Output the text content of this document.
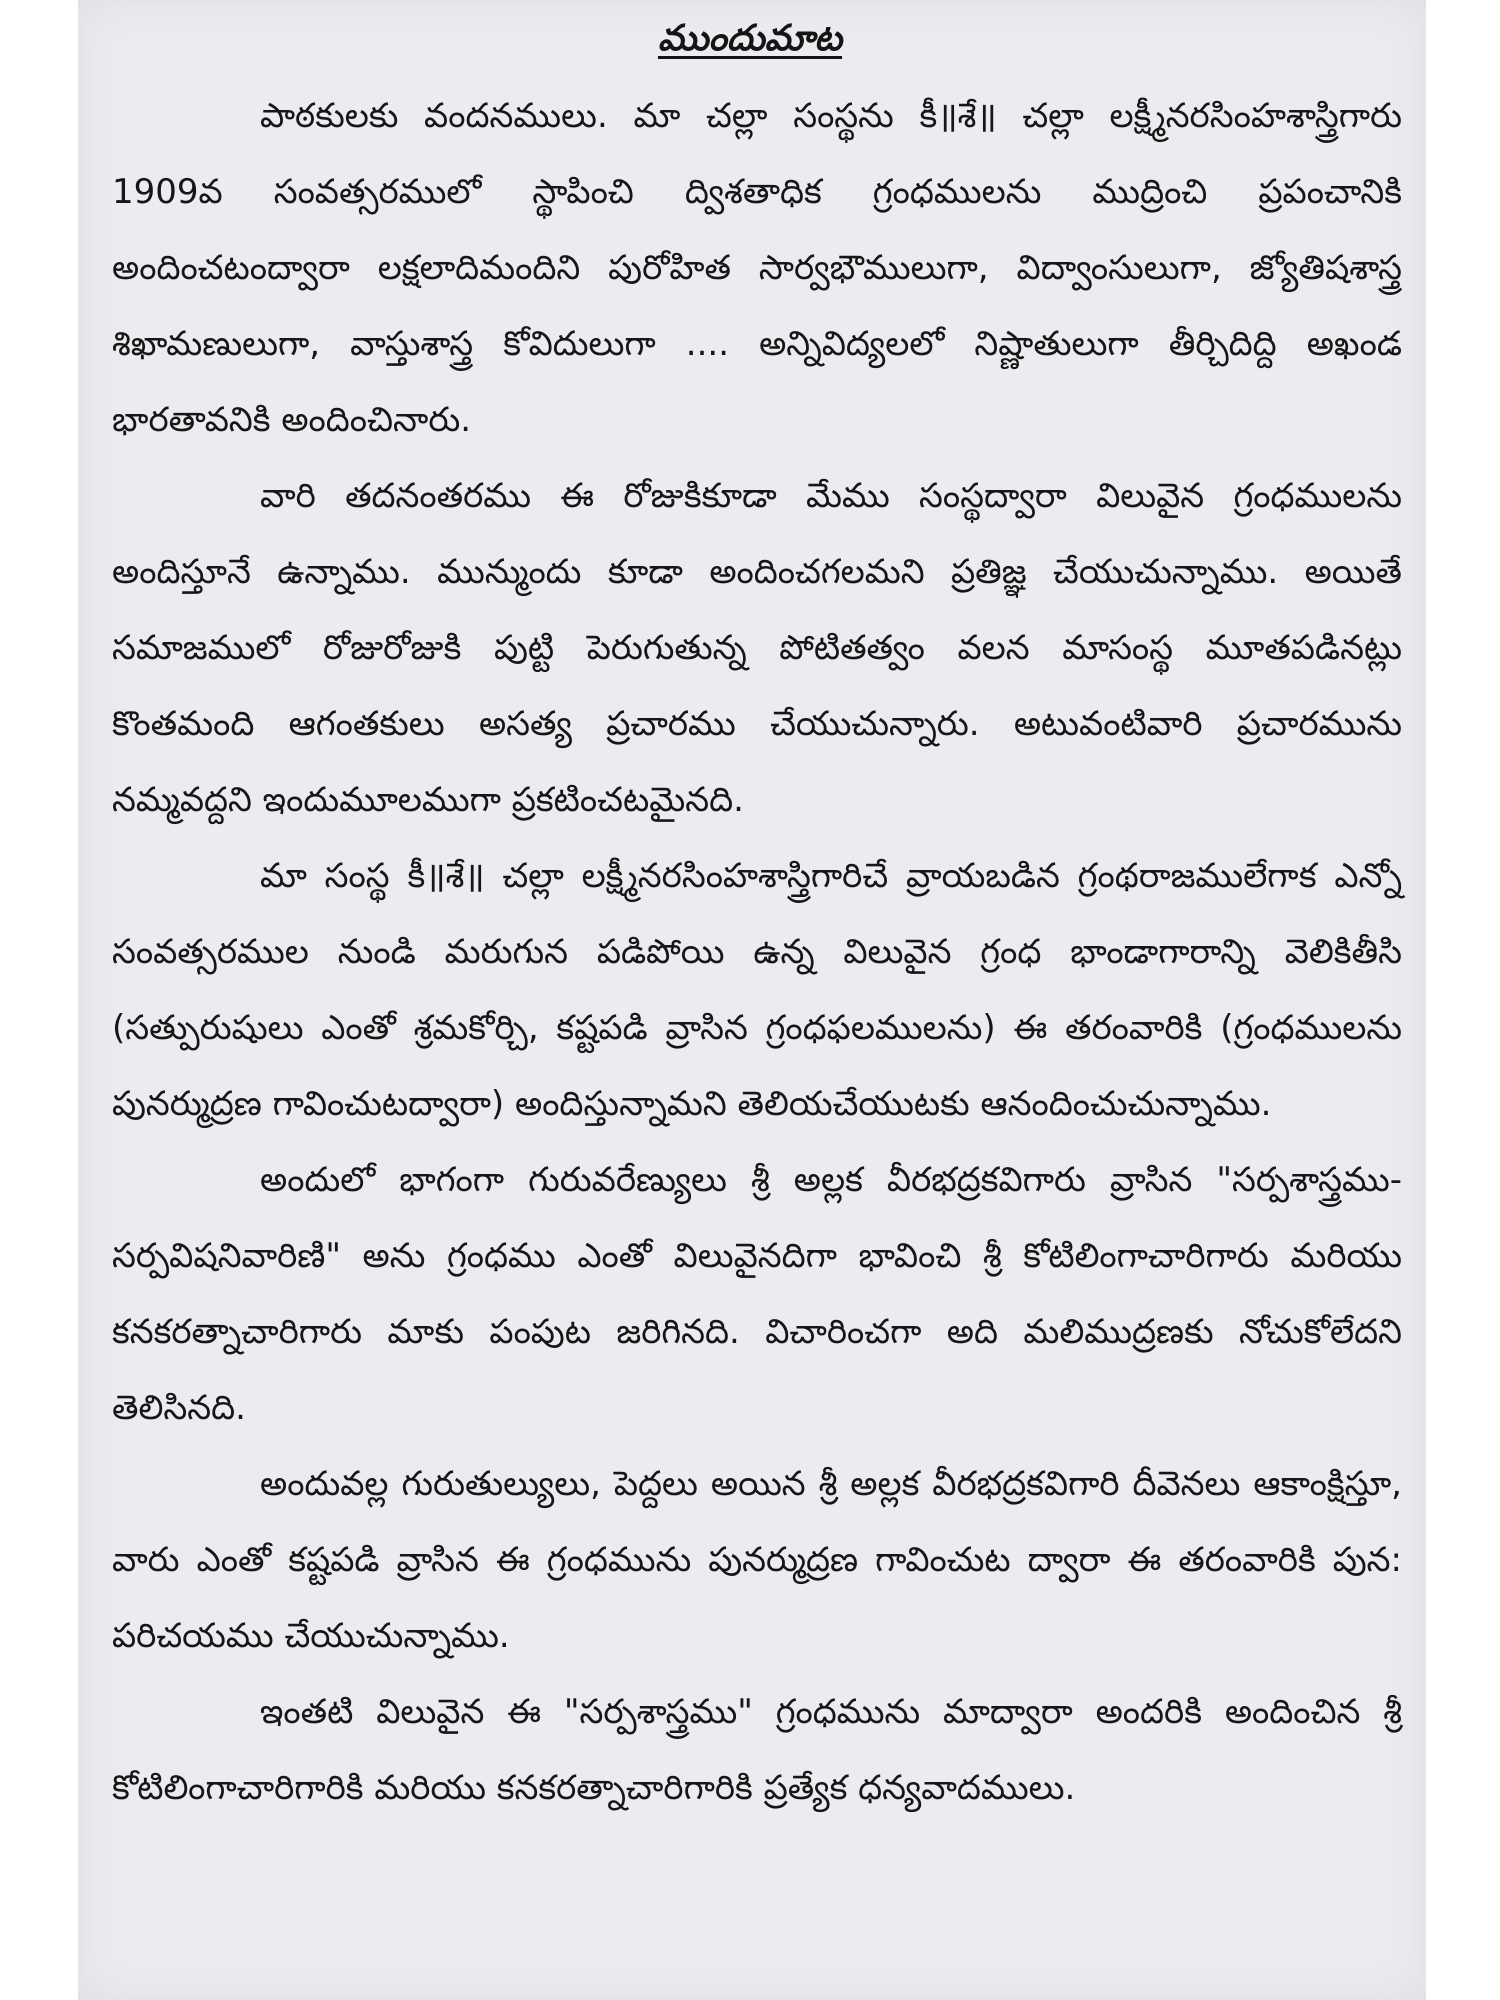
ముందుమాట

పాఠకులకు వందనములు. మా చల్లా సంస్థను కీ॥శే॥ చల్లా లక్ష్మీనరసింహశాస్త్రిగారు 1909వ సంవత్సరములో స్థాపించి ద్విశతాధిక గ్రంధములను ముద్రించి ప్రపంచానికి అందించటంద్వారా లక్షలాదిమందిని పురోహిత సార్వభౌములుగా, విద్వాంసులుగా, జ్యోతిషశాస్త్ర శిఖామణులుగా, వాస్తుశాస్త్ర కోవిదులుగా .... అన్నివిద్యలలో నిష్ణాతులుగా తీర్చిదిద్ది అఖండ భారతావనికి అందించినారు.

వారి తదనంతరము ఈ రోజుకికూడా మేము సంస్థద్వారా విలువైన గ్రంధములను అందిస్తూనే ఉన్నాము. మున్ముందు కూడా అందించగలమని ప్రతిజ్ఞ చేయుచున్నాము. అయితే సమాజములో రోజురోజుకి పుట్టి పెరుగుతున్న పోటితత్వం వలన మాసంస్థ మూతపడినట్లు కొంతమంది ఆగంతకులు అసత్య ప్రచారము చేయుచున్నారు. అటువంటివారి ప్రచారమును నమ్మవద్దని ఇందుమూలముగా ప్రకటించటమైనది.

మా సంస్థ కీ॥శే॥ చల్లా లక్ష్మీనరసింహశాస్త్రిగారిచే వ్రాయబడిన గ్రంథరాజములేగాక ఎన్నో సంవత్సరముల నుండి మరుగున పడిపోయి ఉన్న విలువైన గ్రంధ భాండాగారాన్ని వెలికితీసి (సత్పురుషులు ఎంతో శ్రమకోర్చి, కష్టపడి వ్రాసిన గ్రంధఫలములను) ఈ తరంవారికి (గ్రంధములను పునర్ముద్రణ గావించుటద్వారా) అందిస్తున్నామని తెలియచేయుటకు ఆనందించుచున్నాము.

అందులో భాగంగా గురువరేణ్యులు శ్రీ అల్లక వీరభద్రకవిగారు వ్రాసిన "సర్పశాస్త్రము-సర్పవిషనివారిణి" అను గ్రంధము ఎంతో విలువైనదిగా భావించి శ్రీ కోటిలింగాచారిగారు మరియు కనకరత్నాచారిగారు మాకు పంపుట జరిగినది. విచారించగా అది మలిముద్రణకు నోచుకోలేదని తెలిసినది.

అందువల్ల గురుతుల్యులు, పెద్దలు అయిన శ్రీ అల్లక వీరభద్రకవిగారి దీవెనలు ఆకాంక్షిస్తూ, వారు ఎంతో కష్టపడి వ్రాసిన ఈ గ్రంధమును పునర్ముద్రణ గావించుట ద్వారా ఈ తరంవారికి పున: పరిచయము చేయుచున్నాము.

ఇంతటి విలువైన ఈ "సర్పశాస్త్రము" గ్రంధమును మాద్వారా అందరికి అందించిన శ్రీ కోటిలింగాచారిగారికి మరియు కనకరత్నాచారిగారికి ప్రత్యేక ధన్యవాదములు.
